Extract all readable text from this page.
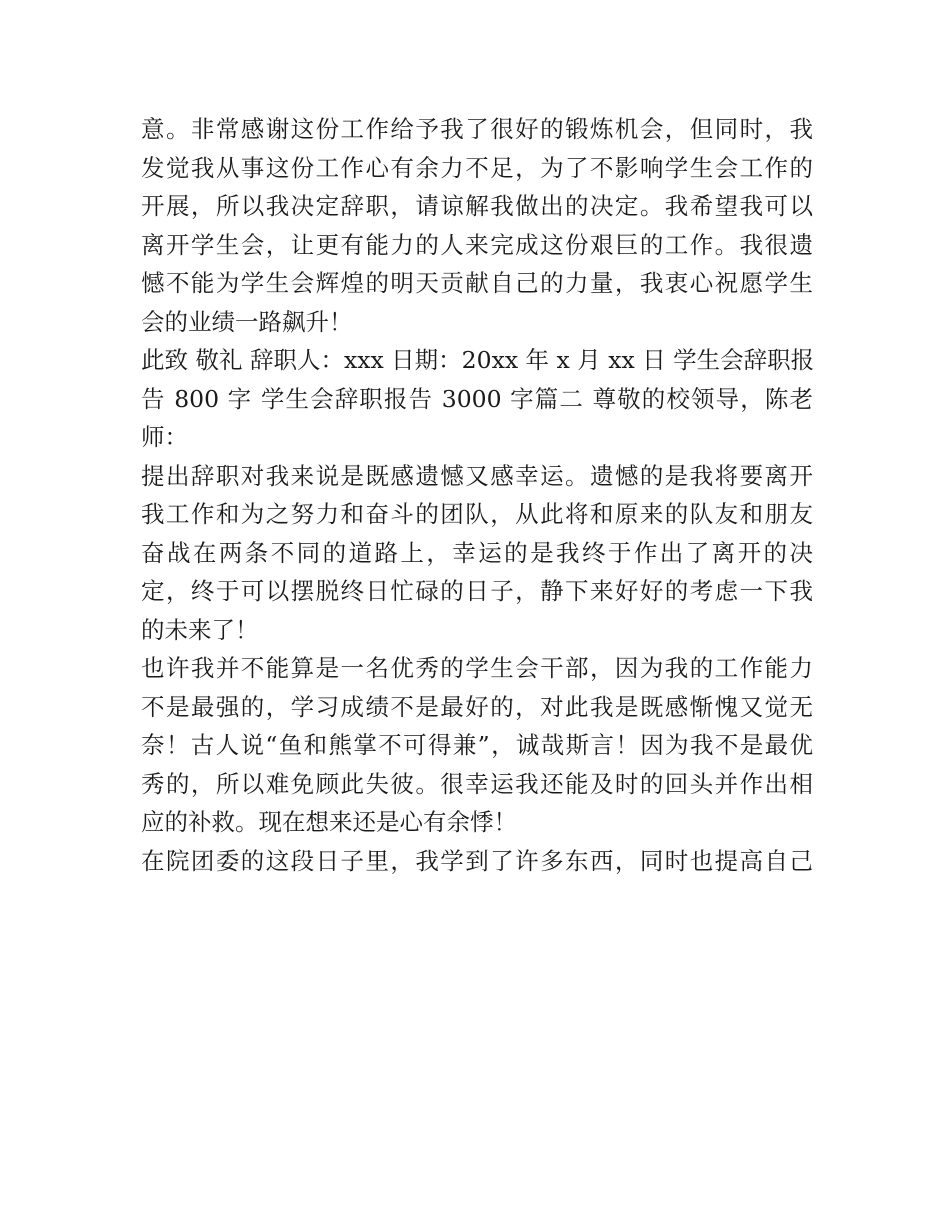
意。非常感谢这份工作给予我了很好的锻炼机会，但同时，我
发觉我从事这份工作心有余力不足，为了不影响学生会工作的
开展，所以我决定辞职，请谅解我做出的决定。我希望我可以
离开学生会，让更有能力的人来完成这份艰巨的工作。我很遗
憾不能为学生会辉煌的明天贡献自己的力量，我衷心祝愿学生
会的业绩一路飙升！
此致 敬礼 辞职人：xxx 日期：20xx 年 x 月 xx 日 学生会辞职报
告 800 字 学生会辞职报告 3000 字篇二 尊敬的校领导，陈老
师：
提出辞职对我来说是既感遗憾又感幸运。遗憾的是我将要离开
我工作和为之努力和奋斗的团队，从此将和原来的队友和朋友
奋战在两条不同的道路上，幸运的是我终于作出了离开的决
定，终于可以摆脱终日忙碌的日子，静下来好好的考虑一下我
的未来了！
也许我并不能算是一名优秀的学生会干部，因为我的工作能力
不是最强的，学习成绩不是最好的，对此我是既感惭愧又觉无
奈！古人说“鱼和熊掌不可得兼”，诚哉斯言！因为我不是最优
秀的，所以难免顾此失彼。很幸运我还能及时的回头并作出相
应的补救。现在想来还是心有余悸！
在院团委的这段日子里，我学到了许多东西，同时也提高自己
